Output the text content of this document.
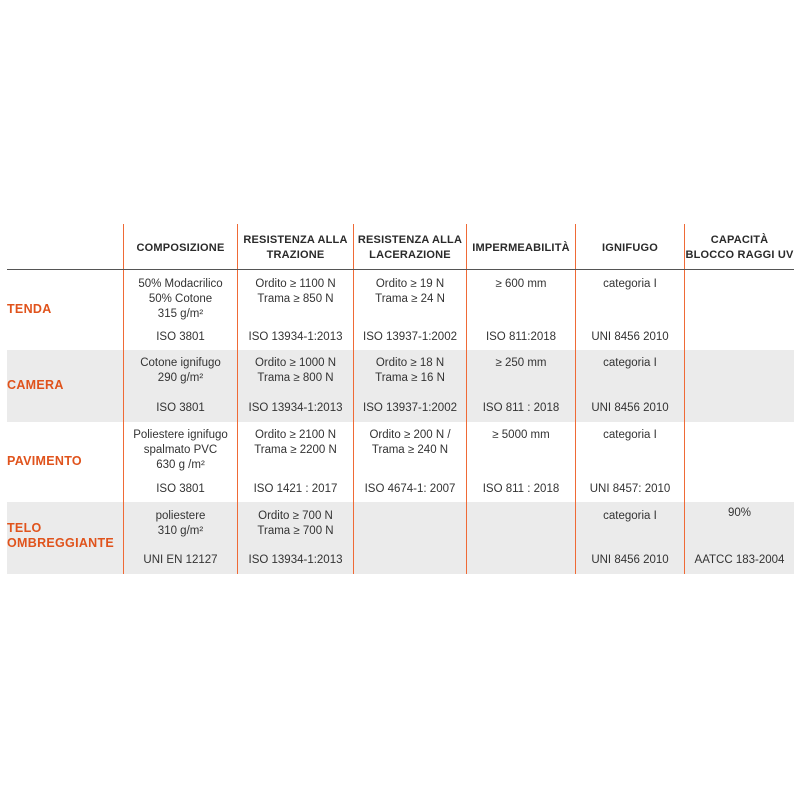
COMPOSIZIONE
RESISTENZA ALLA
TRAZIONE
RESISTENZA ALLA
LACERAZIONE
IMPERMEABILITÀ	IGNIFUGO
CAPACITÀ
BLOCCO RAGGI UV
TENDA
50% Modacrilico
50% Cotone
315 g/m²
ISO 3801
Ordito ≥ 1100 N
Trama ≥ 850 N
ISO 13934-1:2013
Ordito ≥ 19 N
Trama ≥ 24 N
ISO 13937-1:2002
≥ 600 mm
ISO 811:2018
categoria I
UNI 8456 2010
CAMERA
Cotone ignifugo
290 g/m²
ISO 3801
Ordito ≥ 1000 N
Trama ≥ 800 N
ISO 13934-1:2013
Ordito ≥ 18 N
Trama ≥ 16 N
ISO 13937-1:2002
≥ 250 mm
ISO 811 : 2018
categoria I
UNI 8456 2010
PAVIMENTO
Poliestere ignifugo
spalmato PVC
630 g /m²
ISO 3801
Ordito ≥ 2100 N
Trama ≥ 2200 N
ISO 1421 : 2017
Ordito ≥ 200 N /
Trama ≥ 240 N
ISO 4674-1: 2007
≥ 5000 mm
ISO 811 : 2018
categoria I
UNI 8457: 2010
TELO
OMBREGGIANTE
poliestere
310 g/m²
UNI EN 12127
Ordito ≥ 700 N
Trama ≥ 700 N
ISO 13934-1:2013
categoria I
UNI 8456 2010
90%
AATCC 183-2004
